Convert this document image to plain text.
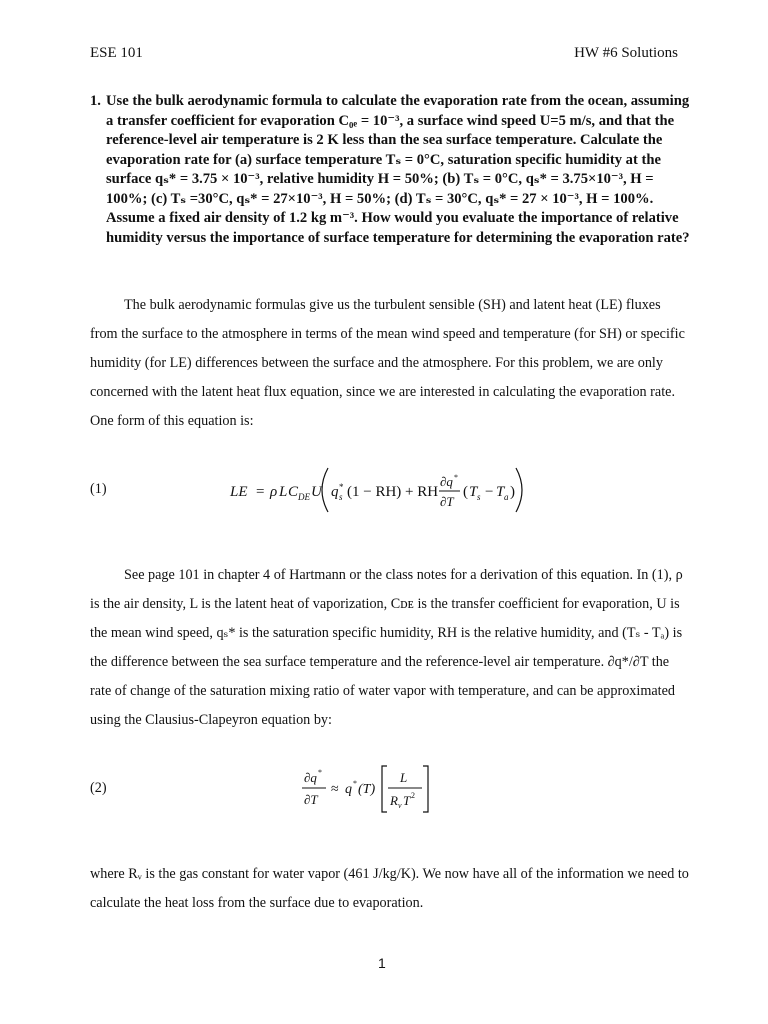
ESE 101	HW #6 Solutions
1. Use the bulk aerodynamic formula to calculate the evaporation rate from the ocean, assuming a transfer coefficient for evaporation C₀ₑ = 10⁻³, a surface wind speed U=5 m/s, and that the reference-level air temperature is 2 K less than the sea surface temperature. Calculate the evaporation rate for (a) surface temperature Tₛ = 0°C, saturation specific humidity at the surface qₛ* = 3.75 × 10⁻³, relative humidity H = 50%; (b) Tₛ = 0°C, qₛ* = 3.75×10⁻³, H = 100%; (c) Tₛ =30°C, qₛ* = 27×10⁻³, H = 50%; (d) Tₛ = 30°C, qₛ* = 27 × 10⁻³, H = 100%. Assume a fixed air density of 1.2 kg m⁻³. How would you evaluate the importance of relative humidity versus the importance of surface temperature for determining the evaporation rate?
The bulk aerodynamic formulas give us the turbulent sensible (SH) and latent heat (LE) fluxes from the surface to the atmosphere in terms of the mean wind speed and temperature (for SH) or specific humidity (for LE) differences between the surface and the atmosphere. For this problem, we are only concerned with the latent heat flux equation, since we are interested in calculating the evaporation rate. One form of this equation is:
(1)	LE = ρ L C DE U q *
s (1 − RH) + RH
∂q *
∂T
( T s − T a )
See page 101 in chapter 4 of Hartmann or the class notes for a derivation of this equation. In (1), ρ is the air density, L is the latent heat of vaporization, Cᴅᴇ is the transfer coefficient for evaporation, U is the mean wind speed, qₛ* is the saturation specific humidity, RH is the relative humidity, and (Tₛ - Tₐ) is the difference between the sea surface temperature and the reference-level air temperature. ∂q*/∂T the rate of change of the saturation mixing ratio of water vapor with temperature, and can be approximated using the Clausius-Clapeyron equation by:
(2)
∂q *
∂T
≈ q * (T)
L
R v T 2
where Rᵥ is the gas constant for water vapor (461 J/kg/K). We now have all of the information we need to calculate the heat loss from the surface due to evaporation.
1
